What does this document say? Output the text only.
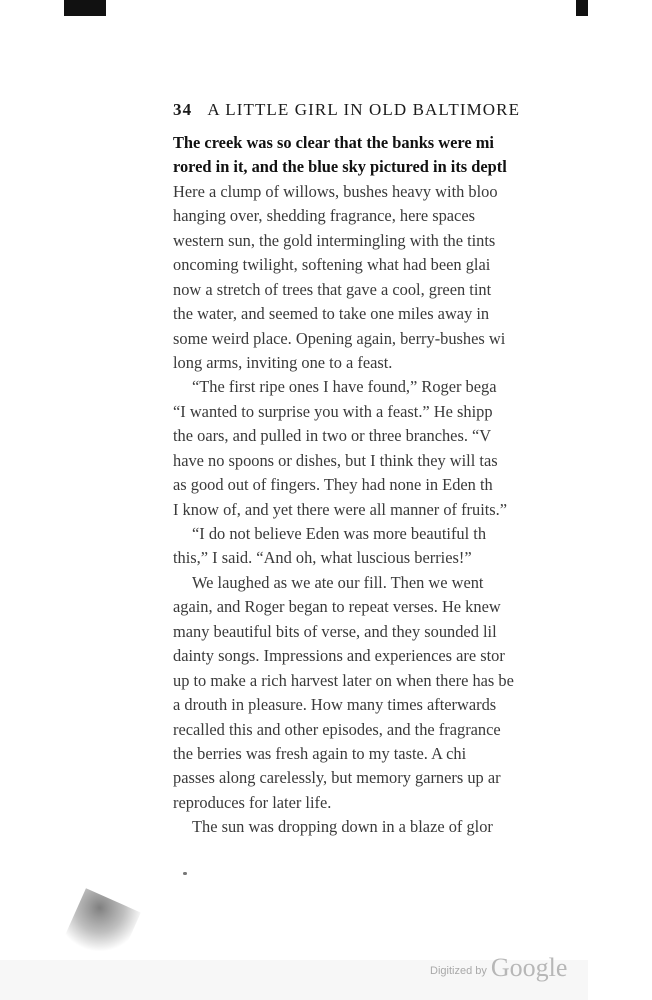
34 A LITTLE GIRL IN OLD BALTIMORE
The creek was so clear that the banks were mi
rored in it, and the blue sky pictured in its deptl
Here a clump of willows, bushes heavy with bloo
hanging over, shedding fragrance, here spaces
western sun, the gold intermingling with the tints
oncoming twilight, softening what had been glai
now a stretch of trees that gave a cool, green tint
the water, and seemed to take one miles away in
some weird place. Opening again, berry-bushes wi
long arms, inviting one to a feast.
“The first ripe ones I have found,” Roger bega
“I wanted to surprise you with a feast.” He shipp
the oars, and pulled in two or three branches. “V
have no spoons or dishes, but I think they will tas
as good out of fingers. They had none in Eden th
I know of, and yet there were all manner of fruits.”
“I do not believe Eden was more beautiful th
this,” I said. “And oh, what luscious berries!”
We laughed as we ate our fill. Then we went
again, and Roger began to repeat verses. He knew
many beautiful bits of verse, and they sounded lil
dainty songs. Impressions and experiences are stor
up to make a rich harvest later on when there has be
a drouth in pleasure. How many times afterwards
recalled this and other episodes, and the fragrance
the berries was fresh again to my taste. A chi
passes along carelessly, but memory garners up ar
reproduces for later life.
The sun was dropping down in a blaze of glor
Digitized by Google
